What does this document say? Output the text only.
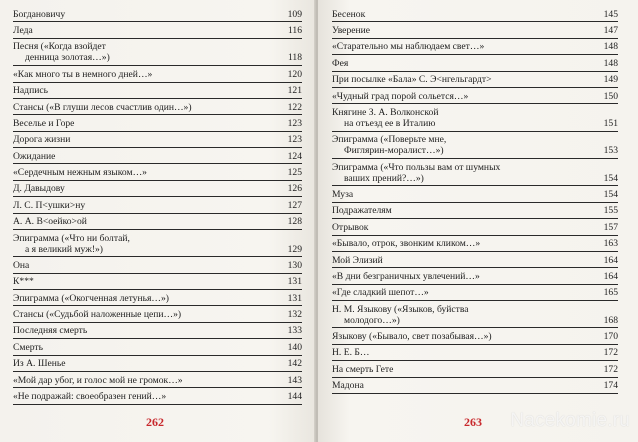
Богдановичу	109
Леда	116
Песня («Когда взойдет
денница золотая…»)	118
«Как много ты в немного дней…»	120
Надпись	121
Стансы («В глуши лесов счастлив один…»)	122
Веселье и Горе	123
Дорога жизни	123
Ожидание	124
«Сердечным нежным языком…»	125
Д. Давыдову	126
Л. С. П<ушки>ну	127
А. А. В<оейко>ой	128
Эпиграмма («Что ни болтай,
а я великий муж!»)	129
Она	130
К***	131
Эпиграмма («Окогченная летунья…»)	131
Стансы («Судьбой наложенные цепи…»)	132
Последняя смерть	133
Смерть	140
Из А. Шенье	142
«Мой дар убог, и голос мой не громок…»	143
«Не подражай: своеобразен гений…»	144
262
Бесенок	145
Уверение	147
«Старательно мы наблюдаем свет…»	148
Фея	148
При посылке «Бала» С. Э<нгельгардт>	149
«Чудный град порой сольется…»	150
Княгине З. А. Волконской
на отъезд ее в Италию	151
Эпиграмма («Поверьте мне,
Фиглярин-моралист…»)	153
Эпиграмма («Что пользы вам от шумных
ваших прений?…»)	154
Муза	154
Подражателям	155
Отрывок	157
«Бывало, отрок, звонким кликом…»	163
Мой Элизий	164
«В дни безграничных увлечений…»	164
«Где сладкий шепот…»	165
Н. М. Языкову («Языков, буйства
молодого…»)	168
Языкову («Бывало, свет позабывая…»)	170
Н. Е. Б…	172
На смерть Гете	172
Мадона	174
263 Nacekomie.ru
